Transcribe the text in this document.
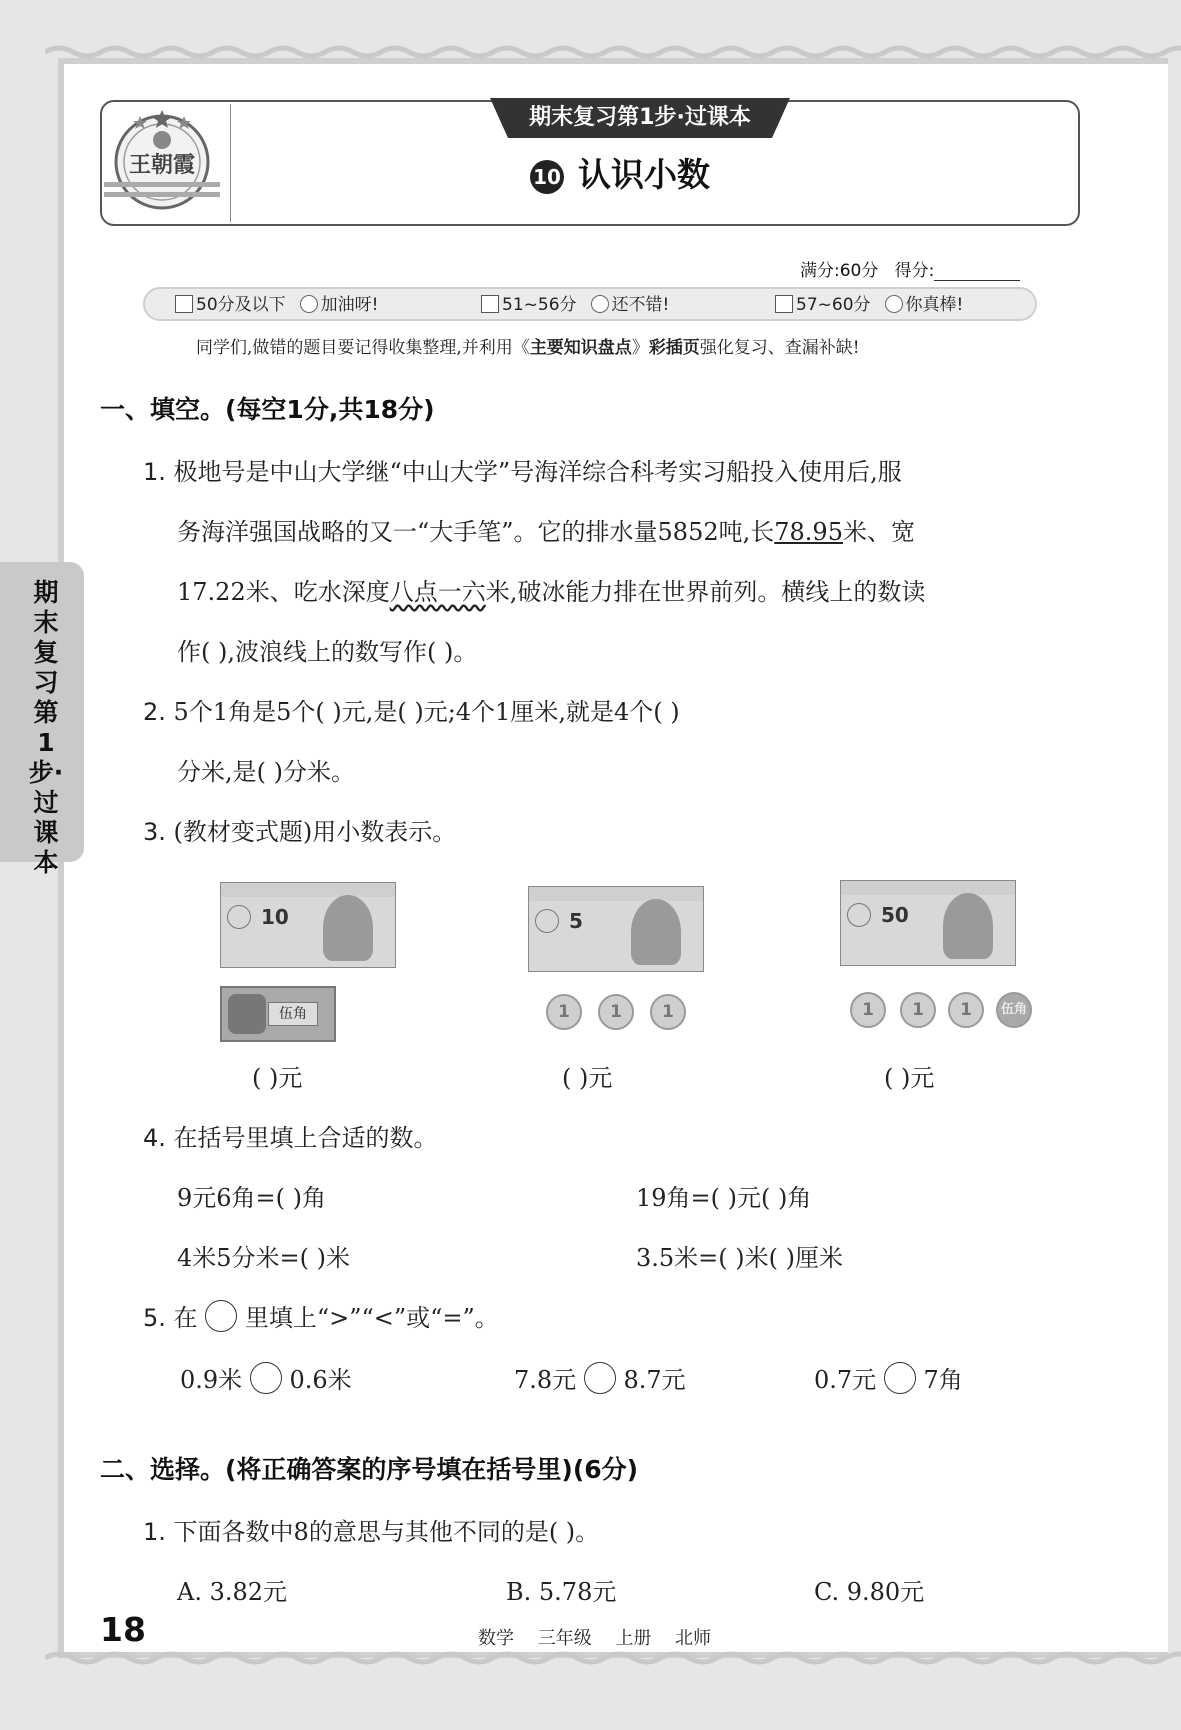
期末复习第1步·过课本
王朝霞
期末复习第1步·过课本
10 认识小数
满分:60分 得分:
50分及以下 加油呀!	51~56分 还不错!	57~60分 你真棒!
同学们,做错的题目要记得收集整理,并利用《主要知识盘点》彩插页强化复习、查漏补缺!
一、填空。(每空1分,共18分)
1. 极地号是中山大学继“中山大学”号海洋综合科考实习船投入使用后,服
务海洋强国战略的又一“大手笔”。它的排水量5852吨,长78.95米、宽
17.22米、吃水深度八点一六米,破冰能力排在世界前列。横线上的数读
作( ),波浪线上的数写作( )。
2. 5个1角是5个( )元,是( )元;4个1厘米,就是4个( )
分米,是( )分米。
3. (教材变式题)用小数表示。
10
伍角
5
1	1	1
50
1	1	1	伍角
( )元	( )元	( )元
4. 在括号里填上合适的数。
9元6角=( )角	19角=( )元( )角
4米5分米=( )米	3.5米=( )米( )厘米
5. 在 里填上“>”“<”或“=”。
0.9米 0.6米	7.8元 8.7元	0.7元 7角
二、选择。(将正确答案的序号填在括号里)(6分)
1. 下面各数中8的意思与其他不同的是( )。
A. 3.82元	B. 5.78元	C. 9.80元
18	数学 三年级 上册 北师
